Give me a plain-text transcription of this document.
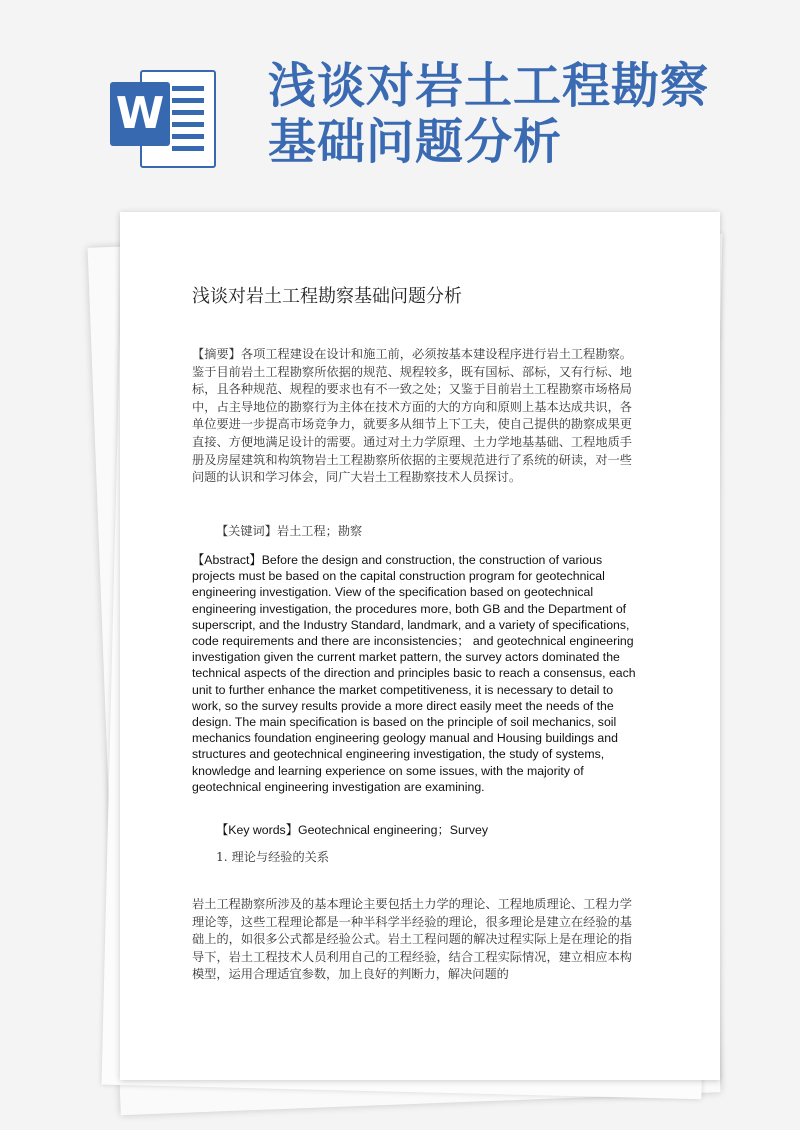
W 浅谈对岩土工程勘察基础问题分析
浅谈对岩土工程勘察基础问题分析

【摘要】各项工程建设在设计和施工前，必须按基本建设程序进行岩土工程勘察。鉴于目前岩土工程勘察所依据的规范、规程较多，既有国标、部标，又有行标、地标，且各种规范、规程的要求也有不一致之处；又鉴于目前岩土工程勘察市场格局中，占主导地位的勘察行为主体在技术方面的大的方向和原则上基本达成共识，各单位要进一步提高市场竞争力，就要多从细节上下工夫，使自己提供的勘察成果更直接、方便地满足设计的需要。通过对土力学原理、土力学地基基础、工程地质手册及房屋建筑和构筑物岩土工程勘察所依据的主要规范进行了系统的研读，对一些问题的认识和学习体会，同广大岩土工程勘察技术人员探讨。

【关键词】岩土工程；勘察

【Abstract】Before the design and construction, the construction of various projects must be based on the capital construction program for geotechnical engineering investigation. View of the specification based on geotechnical engineering investigation, the procedures more, both GB and the Department of superscript, and the Industry Standard, landmark, and a variety of specifications, code requirements and there are inconsistencies； and geotechnical engineering investigation given the current market pattern, the survey actors dominated the technical aspects of the direction and principles basic to reach a consensus, each unit to further enhance the market competitiveness, it is necessary to detail to work, so the survey results provide a more direct easily meet the needs of the design. The main specification is based on the principle of soil mechanics, soil mechanics foundation engineering geology manual and Housing buildings and structures and geotechnical engineering investigation, the study of systems, knowledge and learning experience on some issues, with the majority of geotechnical engineering investigation are examining.

【Key words】Geotechnical engineering；Survey

1. 理论与经验的关系

岩土工程勘察所涉及的基本理论主要包括土力学的理论、工程地质理论、工程力学理论等，这些工程理论都是一种半科学半经验的理论，很多理论是建立在经验的基础上的，如很多公式都是经验公式。岩土工程问题的解决过程实际上是在理论的指导下，岩土工程技术人员利用自己的工程经验，结合工程实际情况，建立相应本构模型，运用合理适宜参数，加上良好的判断力，解决问题的
